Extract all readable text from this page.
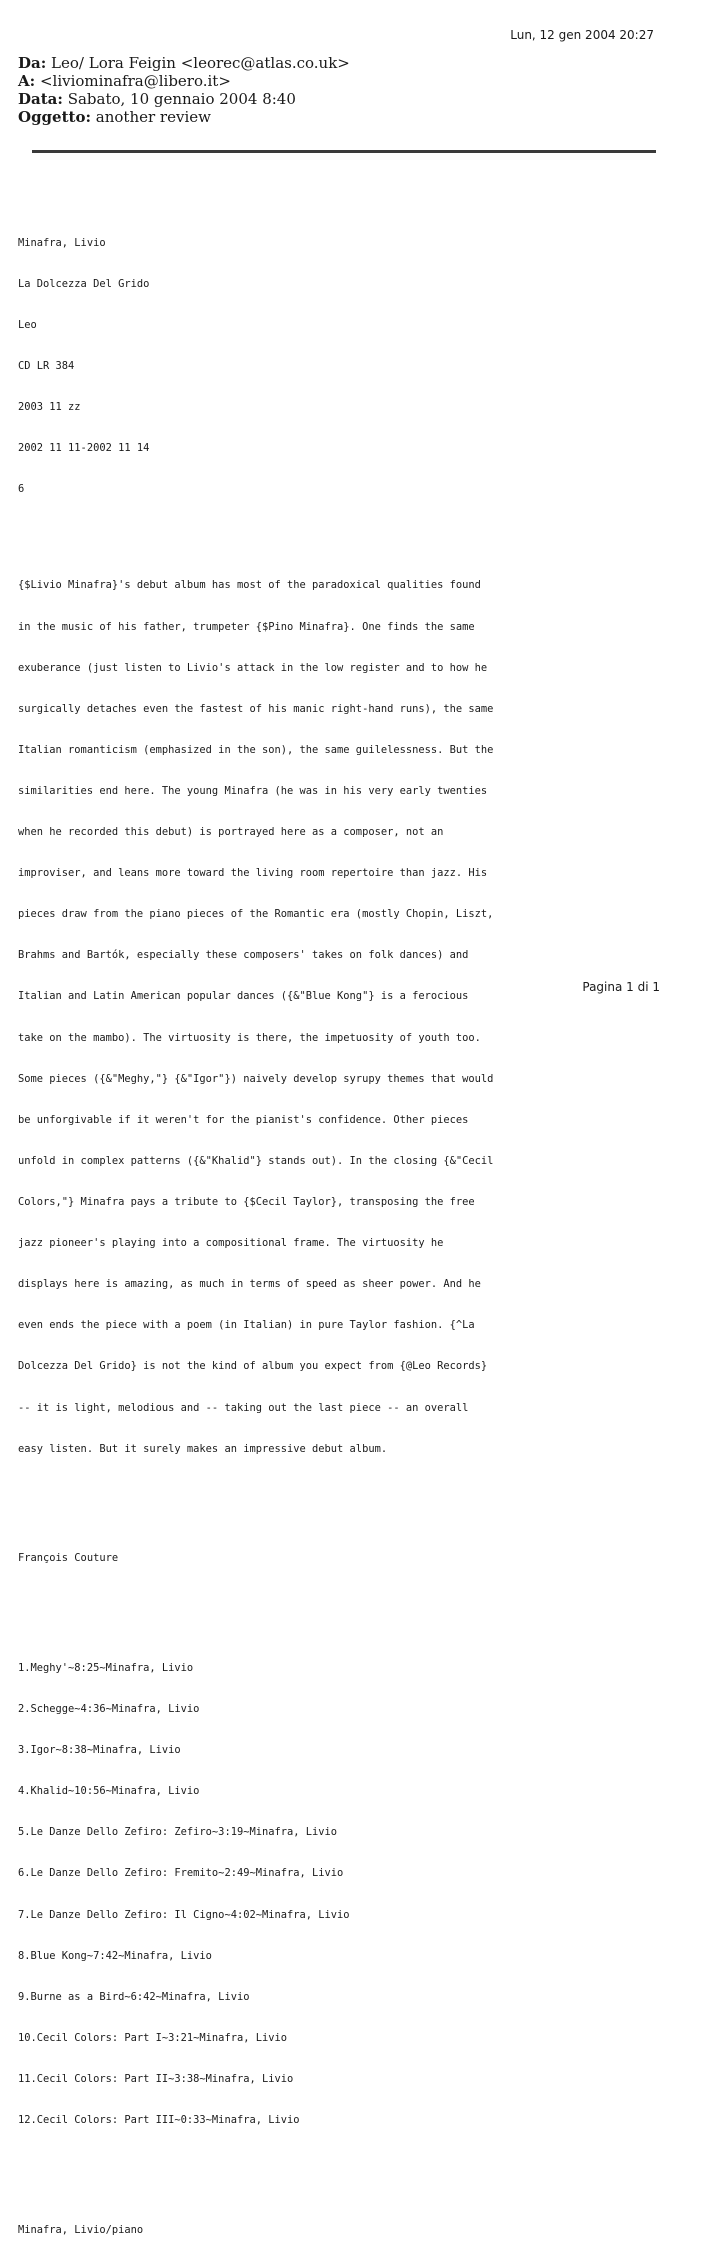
Lun, 12 gen 2004 20:27
Da: Leo/ Lora Feigin <leorec@atlas.co.uk>
A: <liviominafra@libero.it>
Data: Sabato, 10 gennaio 2004 8:40
Oggetto: another review

Minafra, Livio

La Dolcezza Del Grido

Leo

CD LR 384

2003 11 zz

2002 11 11-2002 11 14

6

{$Livio Minafra}'s debut album has most of the paradoxical qualities found

in the music of his father, trumpeter {$Pino Minafra}. One finds the same

exuberance (just listen to Livio's attack in the low register and to how he

surgically detaches even the fastest of his manic right-hand runs), the same

Italian romanticism (emphasized in the son), the same guilelessness. But the

similarities end here. The young Minafra (he was in his very early twenties

when he recorded this debut) is portrayed here as a composer, not an

improviser, and leans more toward the living room repertoire than jazz. His

pieces draw from the piano pieces of the Romantic era (mostly Chopin, Liszt,

Brahms and Bartók, especially these composers' takes on folk dances) and

Italian and Latin American popular dances ({&"Blue Kong"} is a ferocious

take on the mambo). The virtuosity is there, the impetuosity of youth too.

Some pieces ({&"Meghy,"} {&"Igor"}) naively develop syrupy themes that would

be unforgivable if it weren't for the pianist's confidence. Other pieces

unfold in complex patterns ({&"Khalid"} stands out). In the closing {&"Cecil

Colors,"} Minafra pays a tribute to {$Cecil Taylor}, transposing the free

jazz pioneer's playing into a compositional frame. The virtuosity he

displays here is amazing, as much in terms of speed as sheer power. And he

even ends the piece with a poem (in Italian) in pure Taylor fashion. {^La

Dolcezza Del Grido} is not the kind of album you expect from {@Leo Records}

-- it is light, melodious and -- taking out the last piece -- an overall

easy listen. But it surely makes an impressive debut album.

François Couture

1.Meghy'~8:25~Minafra, Livio

2.Schegge~4:36~Minafra, Livio

3.Igor~8:38~Minafra, Livio

4.Khalid~10:56~Minafra, Livio

5.Le Danze Dello Zefiro: Zefiro~3:19~Minafra, Livio

6.Le Danze Dello Zefiro: Fremito~2:49~Minafra, Livio

7.Le Danze Dello Zefiro: Il Cigno~4:02~Minafra, Livio

8.Blue Kong~7:42~Minafra, Livio

9.Burne as a Bird~6:42~Minafra, Livio

10.Cecil Colors: Part I~3:21~Minafra, Livio

11.Cecil Colors: Part II~3:38~Minafra, Livio

12.Cecil Colors: Part III~0:33~Minafra, Livio

Minafra, Livio/piano

Pagina 1 di 1
